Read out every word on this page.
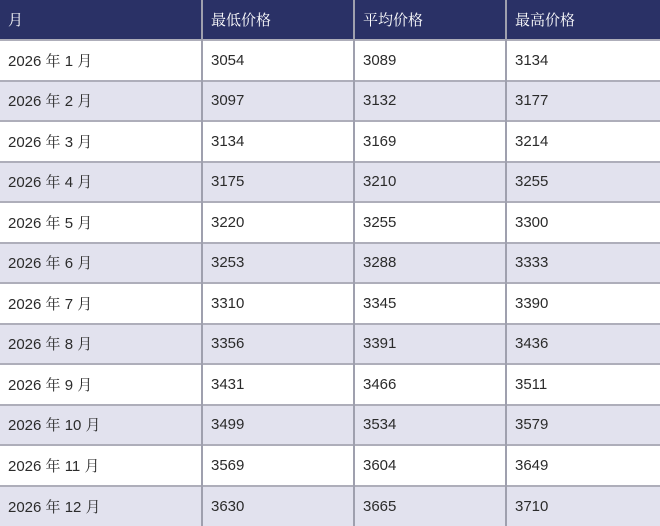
月	最低价格	平均价格	最高价格
2026 年 1 月	3054	3089	3134
2026 年 2 月	3097	3132	3177
2026 年 3 月	3134	3169	3214
2026 年 4 月	3175	3210	3255
2026 年 5 月	3220	3255	3300
2026 年 6 月	3253	3288	3333
2026 年 7 月	3310	3345	3390
2026 年 8 月	3356	3391	3436
2026 年 9 月	3431	3466	3511
2026 年 10 月	3499	3534	3579
2026 年 11 月	3569	3604	3649
2026 年 12 月	3630	3665	3710
